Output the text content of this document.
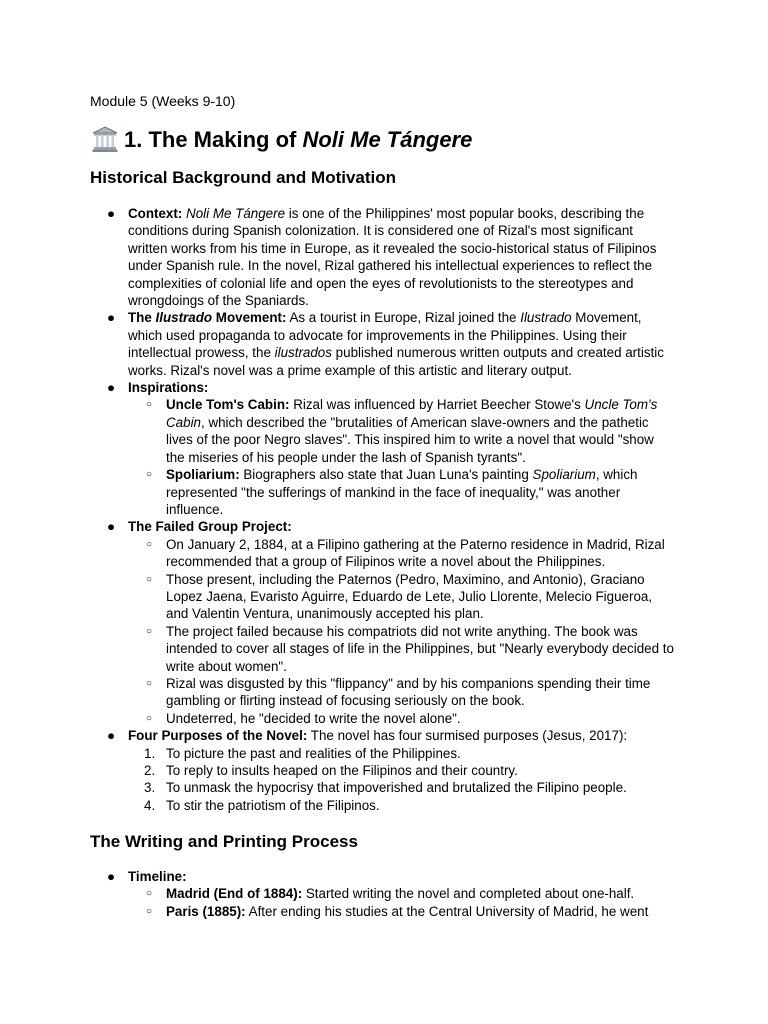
Module 5 (Weeks 9-10)
1. The Making of Noli Me Tángere
Historical Background and Motivation
● Context: Noli Me Tángere is one of the Philippines' most popular books, describing the conditions during Spanish colonization. It is considered one of Rizal's most significant written works from his time in Europe, as it revealed the socio-historical status of Filipinos under Spanish rule. In the novel, Rizal gathered his intellectual experiences to reflect the complexities of colonial life and open the eyes of revolutionists to the stereotypes and wrongdoings of the Spaniards.
● The Ilustrado Movement: As a tourist in Europe, Rizal joined the Ilustrado Movement, which used propaganda to advocate for improvements in the Philippines. Using their intellectual prowess, the ilustrados published numerous written outputs and created artistic works. Rizal's novel was a prime example of this artistic and literary output.
● Inspirations:
○ Uncle Tom's Cabin: Rizal was influenced by Harriet Beecher Stowe's Uncle Tom's Cabin, which described the "brutalities of American slave-owners and the pathetic lives of the poor Negro slaves". This inspired him to write a novel that would "show the miseries of his people under the lash of Spanish tyrants".
○ Spoliarium: Biographers also state that Juan Luna's painting Spoliarium, which represented "the sufferings of mankind in the face of inequality," was another influence.
● The Failed Group Project:
○ On January 2, 1884, at a Filipino gathering at the Paterno residence in Madrid, Rizal recommended that a group of Filipinos write a novel about the Philippines.
○ Those present, including the Paternos (Pedro, Maximino, and Antonio), Graciano Lopez Jaena, Evaristo Aguirre, Eduardo de Lete, Julio Llorente, Melecio Figueroa, and Valentin Ventura, unanimously accepted his plan.
○ The project failed because his compatriots did not write anything. The book was intended to cover all stages of life in the Philippines, but "Nearly everybody decided to write about women".
○ Rizal was disgusted by this "flippancy" and by his companions spending their time gambling or flirting instead of focusing seriously on the book.
○ Undeterred, he "decided to write the novel alone".
● Four Purposes of the Novel: The novel has four surmised purposes (Jesus, 2017):
1. To picture the past and realities of the Philippines.
2. To reply to insults heaped on the Filipinos and their country.
3. To unmask the hypocrisy that impoverished and brutalized the Filipino people.
4. To stir the patriotism of the Filipinos.
The Writing and Printing Process
● Timeline:
○ Madrid (End of 1884): Started writing the novel and completed about one-half.
○ Paris (1885): After ending his studies at the Central University of Madrid, he went
